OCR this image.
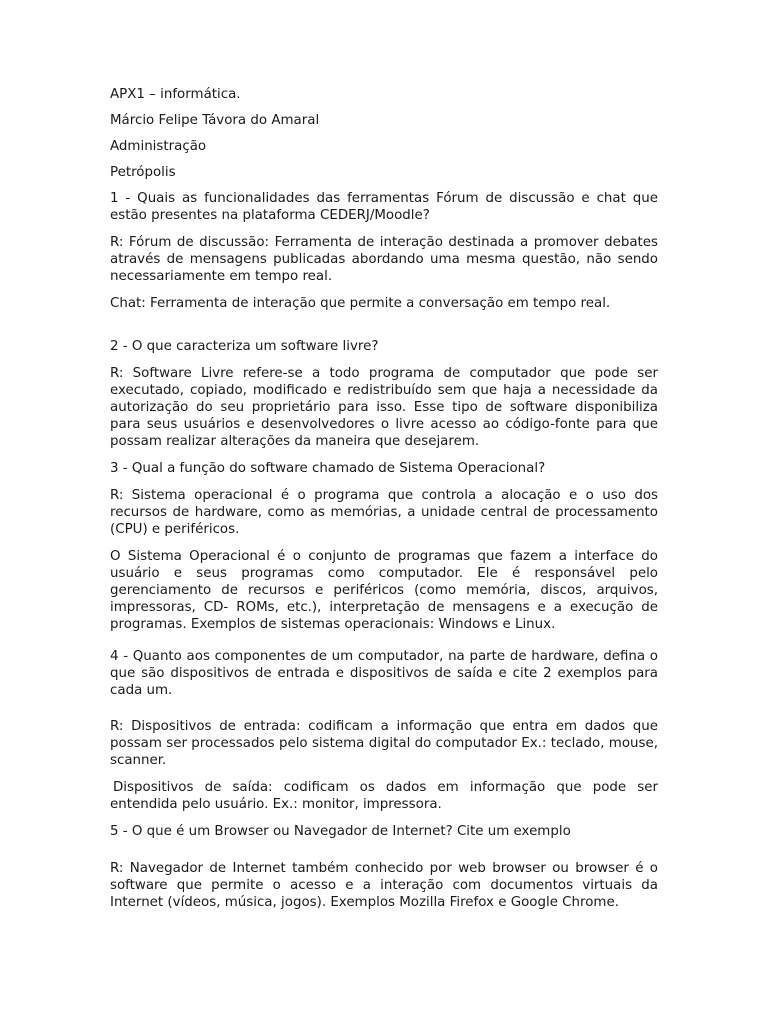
APX1 – informática.

Márcio Felipe Távora do Amaral

Administração

Petrópolis

1 - Quais as funcionalidades das ferramentas Fórum de discussão e chat que estão presentes na plataforma CEDERJ/Moodle?

R: Fórum de discussão: Ferramenta de interação destinada a promover debates através de mensagens publicadas abordando uma mesma questão, não sendo necessariamente em tempo real.

Chat: Ferramenta de interação que permite a conversação em tempo real.

2 - O que caracteriza um software livre?

R: Software Livre refere-se a todo programa de computador que pode ser executado, copiado, modificado e redistribuído sem que haja a necessidade da autorização do seu proprietário para isso. Esse tipo de software disponibiliza para seus usuários e desenvolvedores o livre acesso ao código-fonte para que possam realizar alterações da maneira que desejarem.

3 - Qual a função do software chamado de Sistema Operacional?

R: Sistema operacional é o programa que controla a alocação e o uso dos recursos de hardware, como as memórias, a unidade central de processamento (CPU) e periféricos.

O Sistema Operacional é o conjunto de programas que fazem a interface do usuário e seus programas como computador. Ele é responsável pelo gerenciamento de recursos e periféricos (como memória, discos, arquivos, impressoras, CD- ROMs, etc.), interpretação de mensagens e a execução de programas. Exemplos de sistemas operacionais: Windows e Linux.

4 - Quanto aos componentes de um computador, na parte de hardware, defina o que são dispositivos de entrada e dispositivos de saída e cite 2 exemplos para cada um.

R: Dispositivos de entrada: codificam a informação que entra em dados que possam ser processados pelo sistema digital do computador Ex.: teclado, mouse, scanner.

Dispositivos de saída: codificam os dados em informação que pode ser entendida pelo usuário. Ex.: monitor, impressora.

5 - O que é um Browser ou Navegador de Internet? Cite um exemplo

R: Navegador de Internet também conhecido por web browser ou browser é o software que permite o acesso e a interação com documentos virtuais da Internet (vídeos, música, jogos). Exemplos Mozilla Firefox e Google Chrome.
